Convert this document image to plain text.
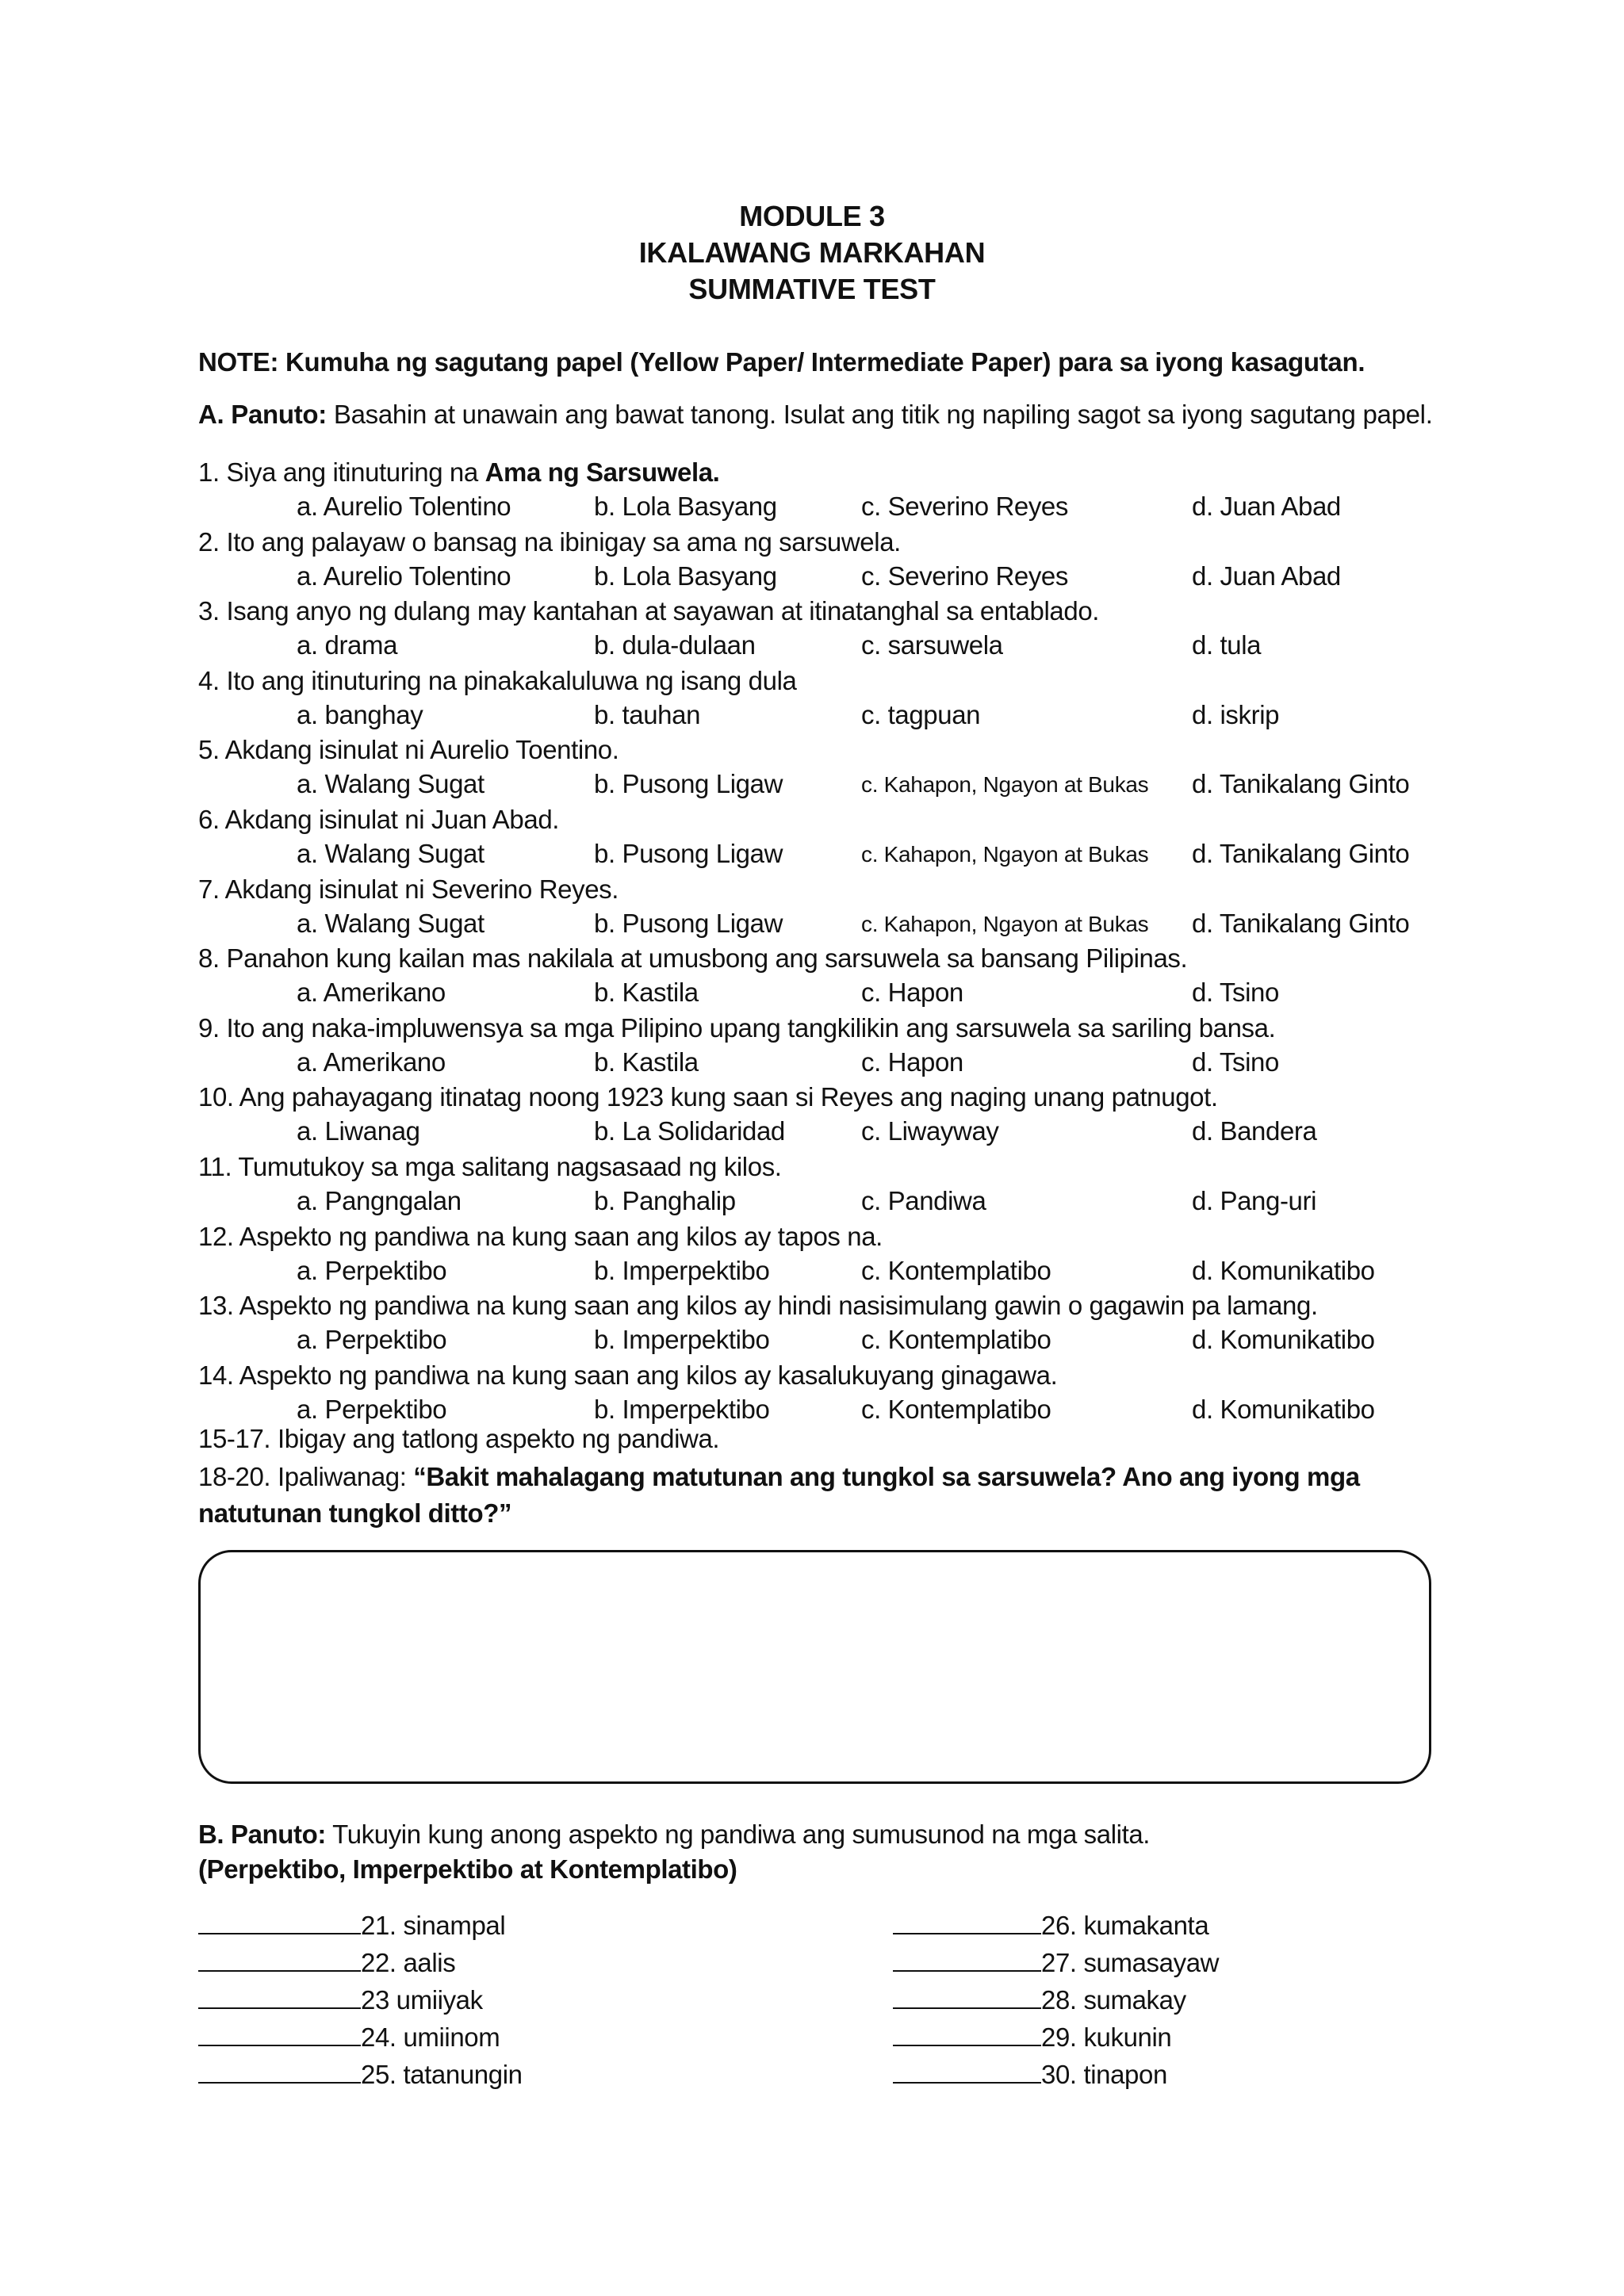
MODULE 3
IKALAWANG MARKAHAN
SUMMATIVE TEST
NOTE: Kumuha ng sagutang papel (Yellow Paper/ Intermediate Paper) para sa iyong kasagutan.
A. Panuto: Basahin at unawain ang bawat tanong. Isulat ang titik ng napiling sagot sa iyong sagutang papel.
1. Siya ang itinuturing na Ama ng Sarsuwela.
a. Aurelio Tolentino	b. Lola Basyang	c. Severino Reyes	d. Juan Abad
2. Ito ang palayaw o bansag na ibinigay sa ama ng sarsuwela.
a. Aurelio Tolentino	b. Lola Basyang	c. Severino Reyes	d. Juan Abad
3. Isang anyo ng dulang may kantahan at sayawan at itinatanghal sa entablado.
a. drama	b. dula-dulaan	c. sarsuwela	d. tula
4. Ito ang itinuturing na pinakakaluluwa ng isang dula
a. banghay	b. tauhan	c. tagpuan	d. iskrip
5. Akdang isinulat ni Aurelio Toentino.
a. Walang Sugat	b. Pusong Ligaw	c. Kahapon, Ngayon at Bukas d. Tanikalang Ginto
6. Akdang isinulat ni Juan Abad.
a. Walang Sugat	b. Pusong Ligaw	c. Kahapon, Ngayon at Bukas d. Tanikalang Ginto
7. Akdang isinulat ni Severino Reyes.
a. Walang Sugat	b. Pusong Ligaw	c. Kahapon, Ngayon at Bukas d. Tanikalang Ginto
8. Panahon kung kailan mas nakilala at umusbong ang sarsuwela sa bansang Pilipinas.
a. Amerikano	b. Kastila	c. Hapon	d. Tsino
9. Ito ang naka-impluwensya sa mga Pilipino upang tangkilikin ang sarsuwela sa sariling bansa.
a. Amerikano	b. Kastila	c. Hapon	d. Tsino
10. Ang pahayagang itinatag noong 1923 kung saan si Reyes ang naging unang patnugot.
a. Liwanag	b. La Solidaridad	c. Liwayway	d. Bandera
11. Tumutukoy sa mga salitang nagsasaad ng kilos.
a. Pangngalan	b. Panghalip	c. Pandiwa	d. Pang-uri
12. Aspekto ng pandiwa na kung saan ang kilos ay tapos na.
a. Perpektibo	b. Imperpektibo	c. Kontemplatibo	d. Komunikatibo
13. Aspekto ng pandiwa na kung saan ang kilos ay hindi nasisimulang gawin o gagawin pa lamang.
a. Perpektibo	b. Imperpektibo	c. Kontemplatibo	d. Komunikatibo
14. Aspekto ng pandiwa na kung saan ang kilos ay kasalukuyang ginagawa.
a. Perpektibo	b. Imperpektibo	c. Kontemplatibo	d. Komunikatibo
15-17. Ibigay ang tatlong aspekto ng pandiwa.
18-20. Ipaliwanag: “Bakit mahalagang matutunan ang tungkol sa sarsuwela? Ano ang iyong mga natutunan tungkol ditto?”
B. Panuto: Tukuyin kung anong aspekto ng pandiwa ang sumusunod na mga salita.
(Perpektibo, Imperpektibo at Kontemplatibo)
21. sinampal
22. aalis
23 umiiyak
24. umiinom
25. tatanungin
26. kumakanta
27. sumasayaw
28. sumakay
29. kukunin
30. tinapon
